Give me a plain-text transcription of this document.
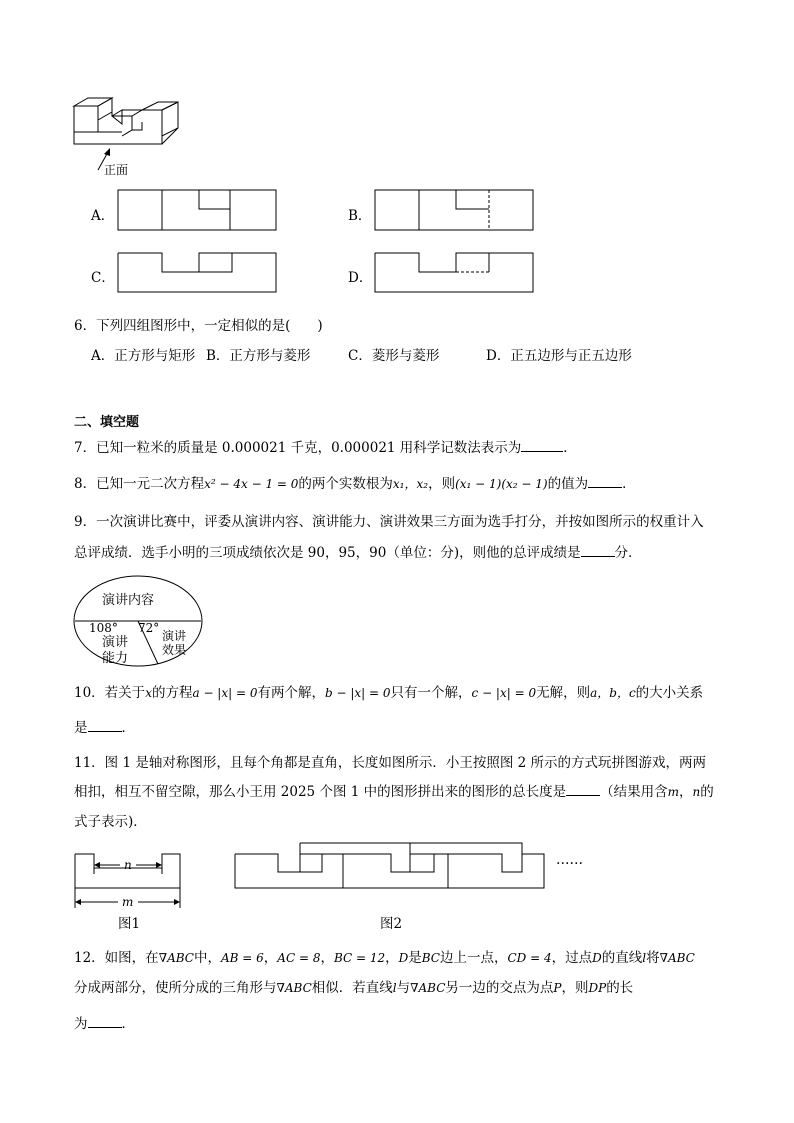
正面
A．	B．
C．	D．
6．下列四组图形中，一定相似的是(　　)
A．正方形与矩形 B．正方形与菱形	C．菱形与菱形	D．正五边形与正五边形
二、填空题
7．已知一粒米的质量是 0.000021 千克，0.000021 用科学记数法表示为	．
8．已知一元二次方程x² − 4x − 1 = 0的两个实数根为x₁，x₂，则(x₁ − 1)(x₂ − 1)的值为	．
9．一次演讲比赛中，评委从演讲内容、演讲能力、演讲效果三方面为选手打分，并按如图所示的权重计入
总评成绩．选手小明的三项成绩依次是 90，95，90（单位：分)，则他的总评成绩是	分．
演讲内容
108° 72°
演讲
能力
演讲
效果
10．若关于x的方程a − |x| = 0有两个解，b − |x| = 0只有一个解，c − |x| = 0无解，则a，b，c的大小关系
是	．
11．图 1 是轴对称图形，且每个角都是直角，长度如图所示．小王按照图 2 所示的方式玩拼图游戏，两两
相扣，相互不留空隙，那么小王用 2025 个图 1 中的图形拼出来的图形的总长度是	（结果用含m，n的
式子表示)．
n
m
图1
……
图2
12．如图，在∇ABC中，AB = 6，AC = 8，BC = 12，D是BC边上一点，CD = 4，过点D的直线l将∇ABC
分成两部分，使所分成的三角形与∇ABC相似．若直线l与∇ABC另一边的交点为点P，则DP的长
为	．
